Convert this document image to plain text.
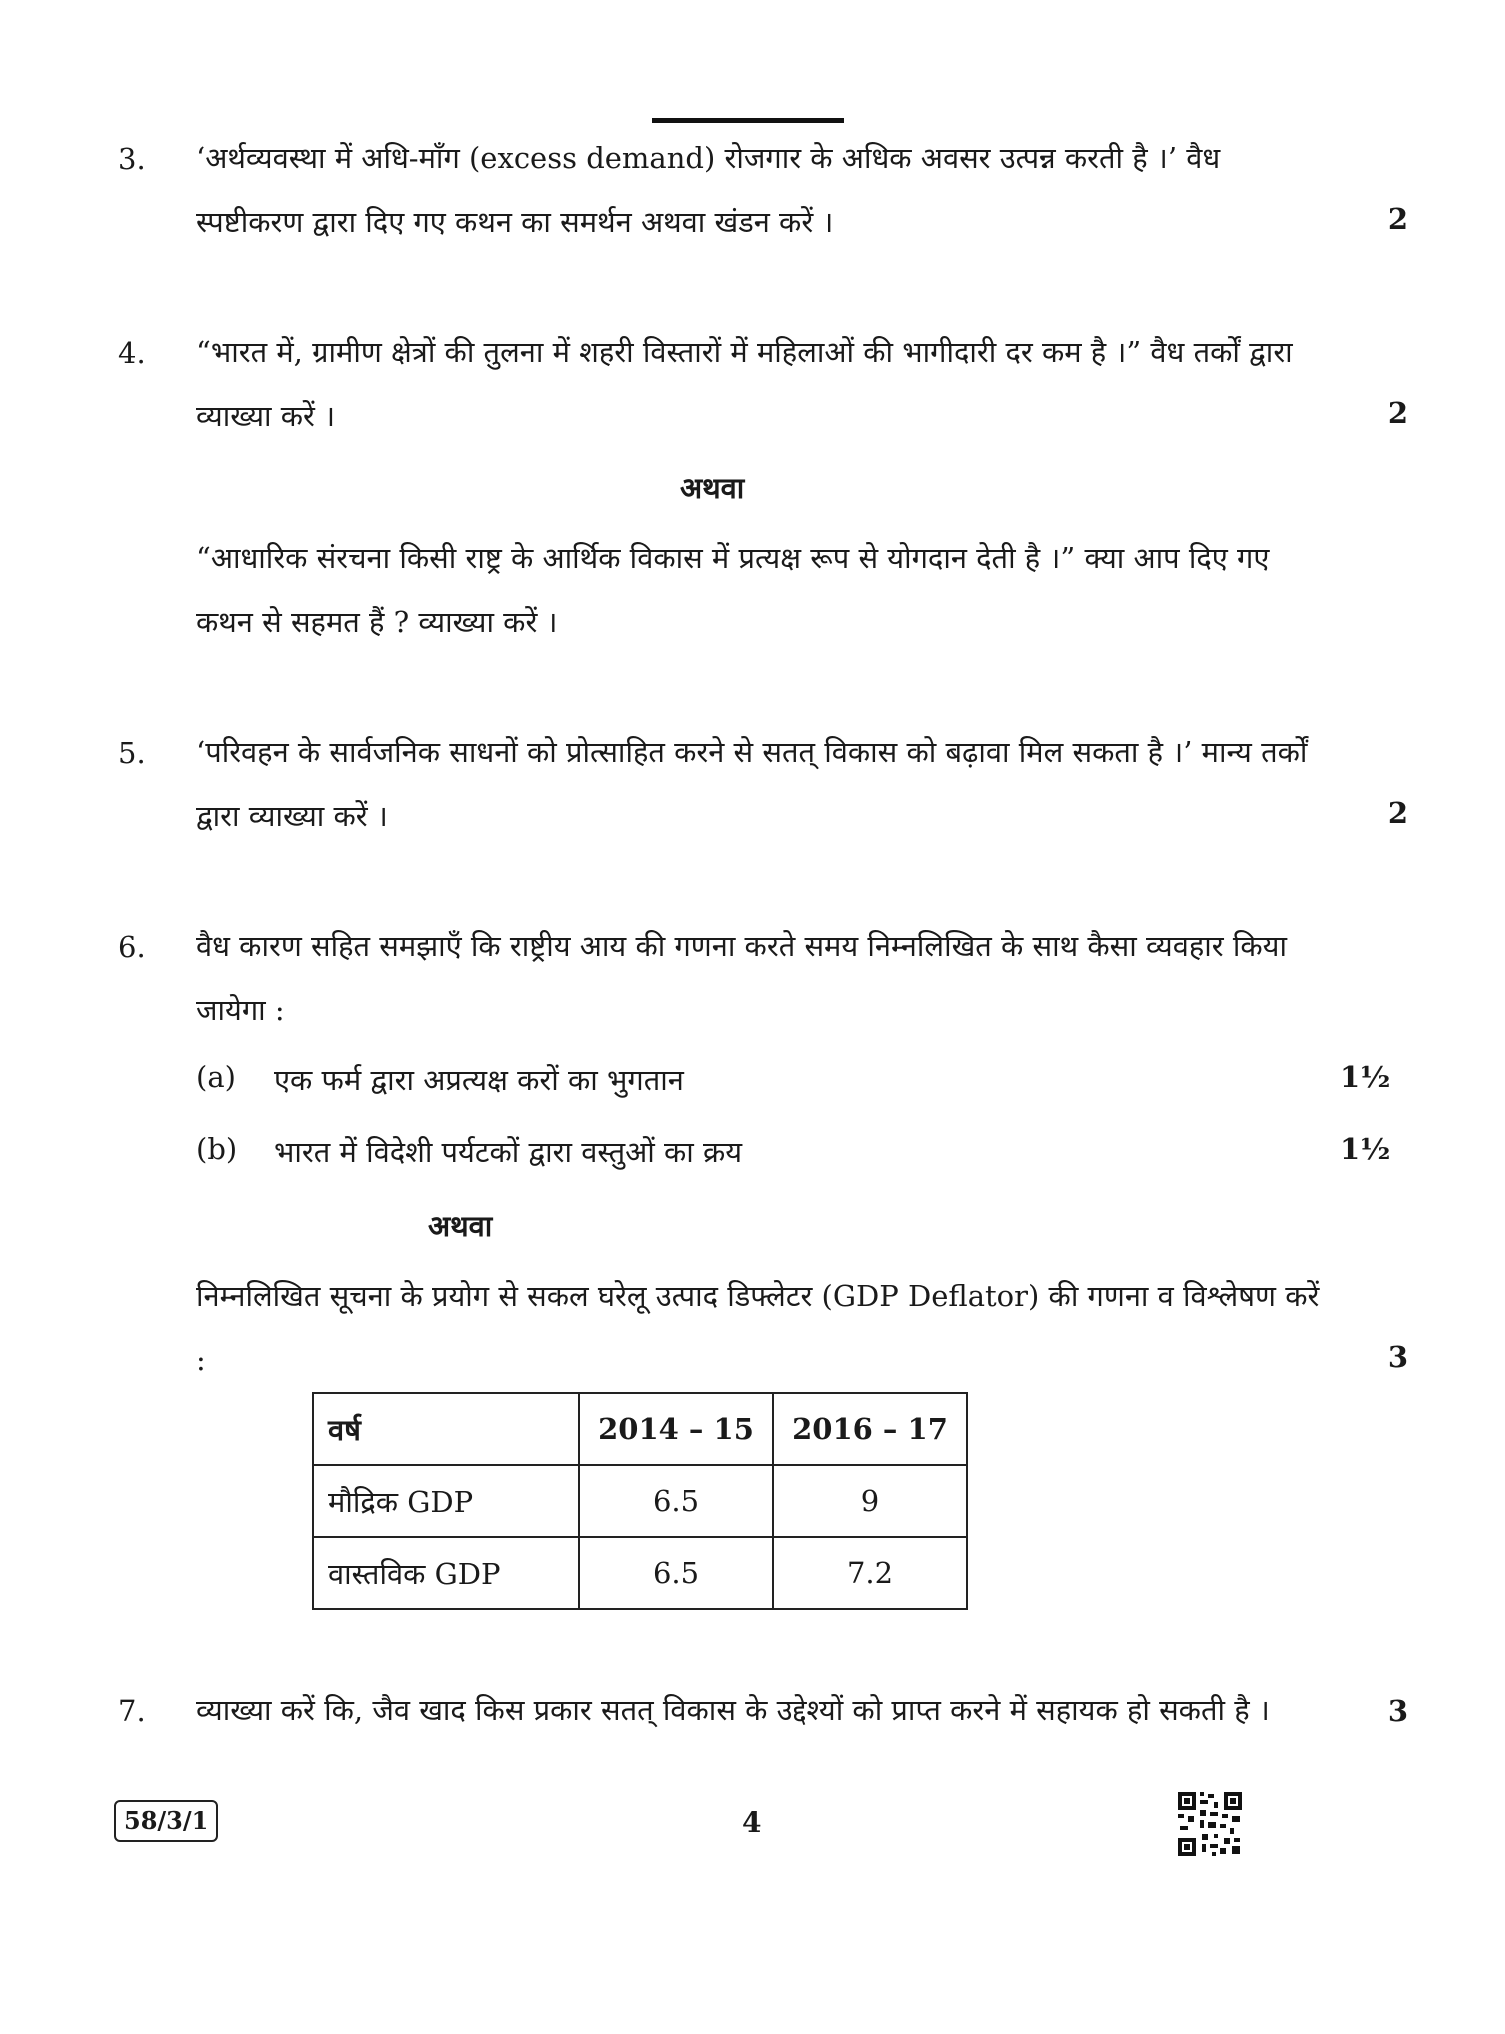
3. ‘अर्थव्यवस्था में अधि-माँग (excess demand) रोजगार के अधिक अवसर उत्पन्न करती है ।’ वैध स्पष्टीकरण द्वारा दिए गए कथन का समर्थन अथवा खंडन करें ।	2
4. “भारत में, ग्रामीण क्षेत्रों की तुलना में शहरी विस्तारों में महिलाओं की भागीदारी दर कम है ।” वैध तर्कों द्वारा व्याख्या करें ।	2
अथवा
“आधारिक संरचना किसी राष्ट्र के आर्थिक विकास में प्रत्यक्ष रूप से योगदान देती है ।” क्या आप दिए गए कथन से सहमत हैं ? व्याख्या करें ।
5. ‘परिवहन के सार्वजनिक साधनों को प्रोत्साहित करने से सतत् विकास को बढ़ावा मिल सकता है ।’ मान्य तर्कों द्वारा व्याख्या करें ।	2
6. वैध कारण सहित समझाएँ कि राष्ट्रीय आय की गणना करते समय निम्नलिखित के साथ कैसा व्यवहार किया जायेगा :
(a) एक फर्म द्वारा अप्रत्यक्ष करों का भुगतान	1½
(b) भारत में विदेशी पर्यटकों द्वारा वस्तुओं का क्रय	1½
अथवा
निम्नलिखित सूचना के प्रयोग से सकल घरेलू उत्पाद डिफ्लेटर (GDP Deflator) की गणना व विश्लेषण करें :	3
वर्ष	2014 – 15	2016 – 17
मौद्रिक GDP	6.5	9
वास्तविक GDP	6.5	7.2
7. व्याख्या करें कि, जैव खाद किस प्रकार सतत् विकास के उद्देश्यों को प्राप्त करने में सहायक हो सकती है ।	3
58/3/1	4
